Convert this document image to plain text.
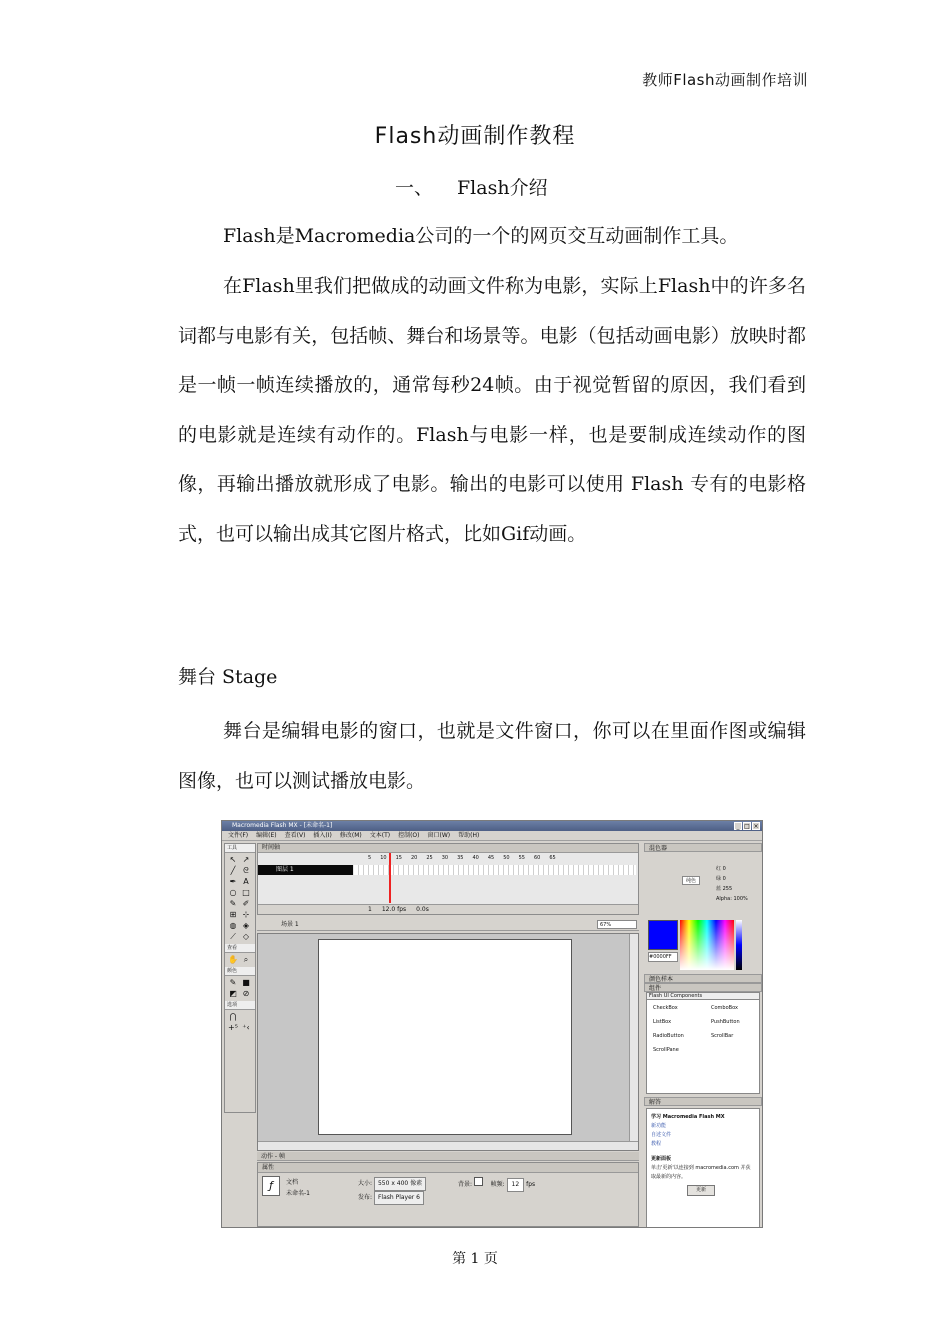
教师Flash动画制作培训
Flash动画制作教程
一、 Flash介绍
Flash是Macromedia公司的一个的网页交互动画制作工具。
在Flash里我们把做成的动画文件称为电影，实际上Flash中的许多名词都与电影有关，包括帧、舞台和场景等。电影（包括动画电影）放映时都是一帧一帧连续播放的，通常每秒24帧。由于视觉暂留的原因，我们看到的电影就是连续有动作的。Flash与电影一样，也是要制成连续动作的图像，再输出播放就形成了电影。输出的电影可以使用 Flash 专有的电影格式，也可以输出成其它图片格式，比如Gif动画。
舞台 Stage
舞台是编辑电影的窗口，也就是文件窗口，你可以在里面作图或编辑图像，也可以测试播放电影。
Macromedia Flash MX - [未命名-1]	_ □ ×
文件(F) 编辑(E) 查看(V) 插入(I) 修改(M) 文本(T) 控制(O) 窗口(W) 帮助(H)
工具
↖ ↗
╱ ᘓ
✒ A
○ □
✎ ✐
⊞ ⊹
◍ ◈
⟋ ◇
查看
✋ ⌕
颜色
✎ ■
◩ ⊘
选项
⋂
+⁵ ⁺‹
时间轴
5 10 15 20 25 30 35 40 45 50 55 60 65
图层 1
1 12.0 fps 0.0s
场景 1	67%
动作 - 帧
属性
ƒ	文档
未命名-1
大小: 550 x 400 像素
发布: Flash Player 6
背景:	帧频: 12 fps
混色器
纯色
红 0
绿 0
蓝 255
Alpha: 100%
#0000FF
颜色样本
组件
Flash UI Components
CheckBox	ComboBox
ListBox	PushButton
RadioButton	ScrollBar
ScrollPane
解答
学习 Macromedia Flash MX
新功能
自述文件
教程
更新面板
单击'更新'以连接到 macromedia.com 并获取最新的内容。
更新
第 1 页
